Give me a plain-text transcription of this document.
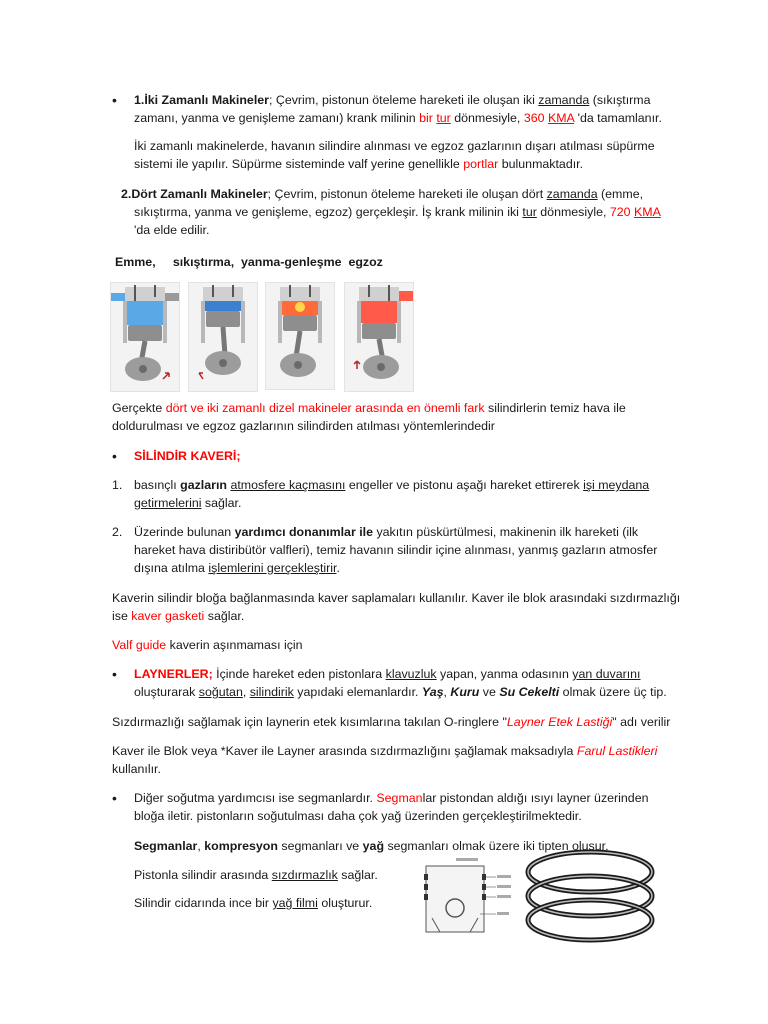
• 1.İki Zamanlı Makineler; Çevrim, pistonun öteleme hareketi ile oluşan iki zamanda (sıkıştırma
zamanı, yanma ve genişleme zamanı) krank milinin bir tur dönmesiyle, 360 KMA 'da tamamlanır.
İki zamanlı makinelerde, havanın silindire alınması ve egzoz gazlarının dışarı atılması süpürme
sistemi ile yapılır. Süpürme sisteminde valf yerine genellikle portlar bulunmaktadır.
2.Dört Zamanlı Makineler; Çevrim, pistonun öteleme hareketi ile oluşan dört zamanda (emme,
sıkıştırma, yanma ve genişleme, egzoz) gerçekleşir. İş krank milinin iki tur dönmesiyle, 720 KMA
'da elde edilir.
Emme,     sıkıştırma,  yanma-genleşme  egzoz
Gerçekte dört ve iki zamanlı dizel makineler arasında en önemli fark silindirlerin temiz hava ile
doldurulması ve egzoz gazlarının silindirden atılması yöntemlerindedir
• SİLİNDİR KAVERİ;
1. basınçlı gazların atmosfere kaçmasını engeller ve pistonu aşağı hareket ettirerek işi meydana
getirmelerini sağlar.
2. Üzerinde bulunan yardımcı donanımlar ile yakıtın püskürtülmesi, makinenin ilk hareketi (ilk
hareket hava distiribütör valfleri), temiz havanın silindir içine alınması, yanmış gazların atmosfer
dışına atılma işlemlerini gerçekleştirir.
Kaverin silindir bloğa bağlanmasında kaver saplamaları kullanılır. Kaver ile blok arasındaki sızdırmazlığı
ise kaver gasketi sağlar.
Valf guide kaverin aşınmaması için
• LAYNERLER; İçinde hareket eden pistonlara klavuzluk yapan, yanma odasının yan duvarını
oluşturarak soğutan, silindirik yapıdaki elemanlardır. Yaş, Kuru ve Su Cekelti olmak üzere üç tip.
Sızdırmazlığı sağlamak için laynerin etek kısımlarına takılan O-ringlere "Layner Etek Lastiği" adı verilir
Kaver ile Blok veya *Kaver ile Layner arasında sızdırmazlığını şağlamak maksadıyla Farul Lastikleri
kullanılır.
• Diğer soğutma yardımcısı ise segmanlardır. Segmanlar pistondan aldığı ısıyı layner üzerinden
bloğa iletir. pistonların soğutulması daha çok yağ üzerinden gerçekleştirilmektedir.
Segmanlar, kompresyon segmanları ve yağ segmanları olmak üzere iki tipten oluşur.
Pistonla silindir arasında sızdırmazlık sağlar.
Silindir cidarında ince bir yağ filmi oluşturur.
